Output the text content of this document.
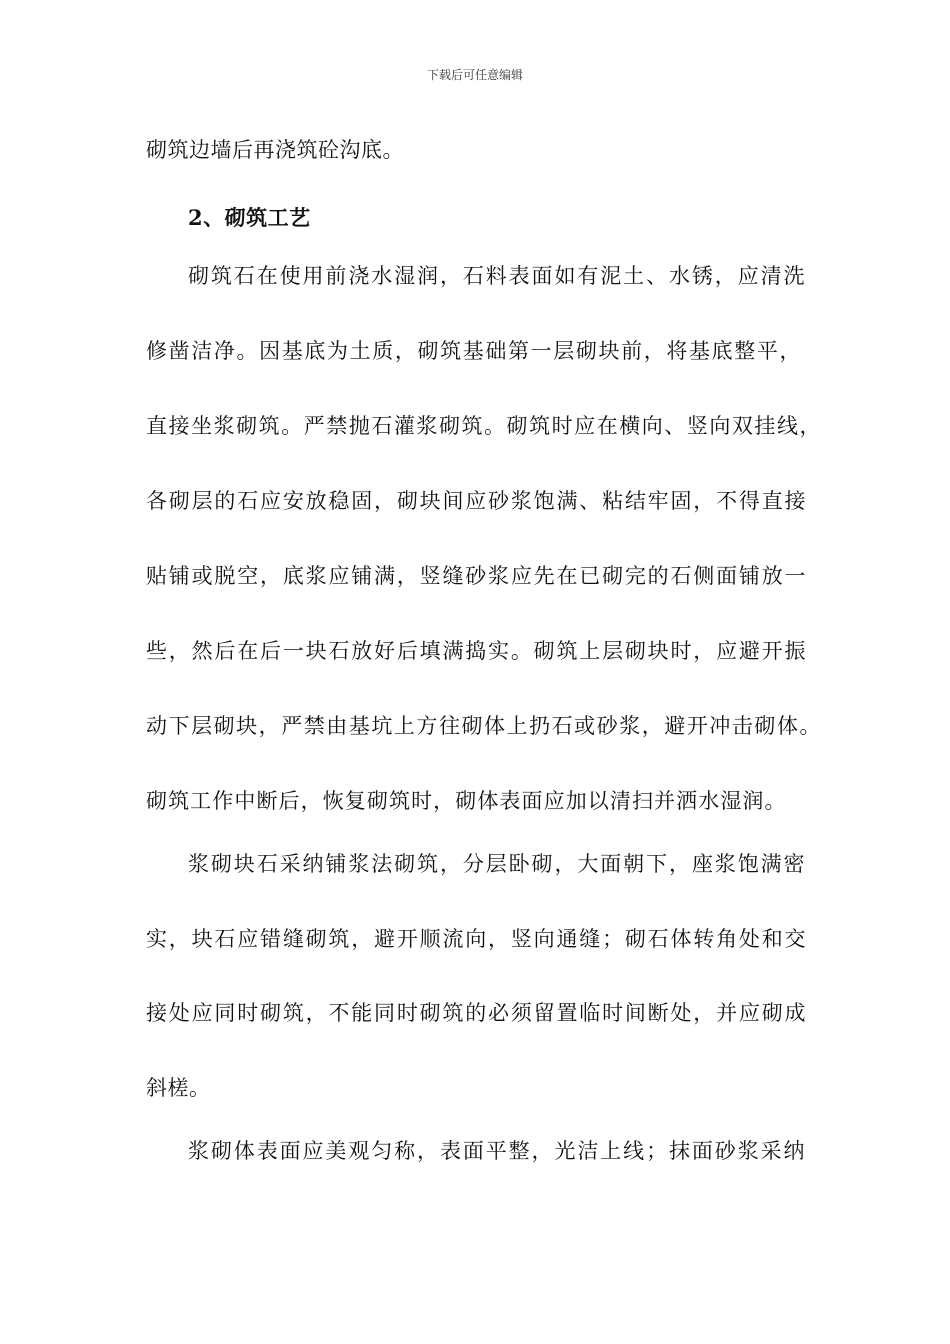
下载后可任意编辑
砌筑边墙后再浇筑砼沟底。
2、砌筑工艺
砌筑石在使用前浇水湿润，石料表面如有泥土、水锈，应清洗
修凿洁净。因基底为土质，砌筑基础第一层砌块前，将基底整平，
直接坐浆砌筑。严禁抛石灌浆砌筑。砌筑时应在横向、竖向双挂线，
各砌层的石应安放稳固，砌块间应砂浆饱满、粘结牢固，不得直接
贴铺或脱空，底浆应铺满，竖缝砂浆应先在已砌完的石侧面铺放一
些，然后在后一块石放好后填满捣实。砌筑上层砌块时，应避开振
动下层砌块，严禁由基坑上方往砌体上扔石或砂浆，避开冲击砌体。
砌筑工作中断后，恢复砌筑时，砌体表面应加以清扫并洒水湿润。
浆砌块石采纳铺浆法砌筑，分层卧砌，大面朝下，座浆饱满密
实，块石应错缝砌筑，避开顺流向，竖向通缝；砌石体转角处和交
接处应同时砌筑，不能同时砌筑的必须留置临时间断处，并应砌成
斜槎。
浆砌体表面应美观匀称，表面平整，光洁上线；抹面砂浆采纳
